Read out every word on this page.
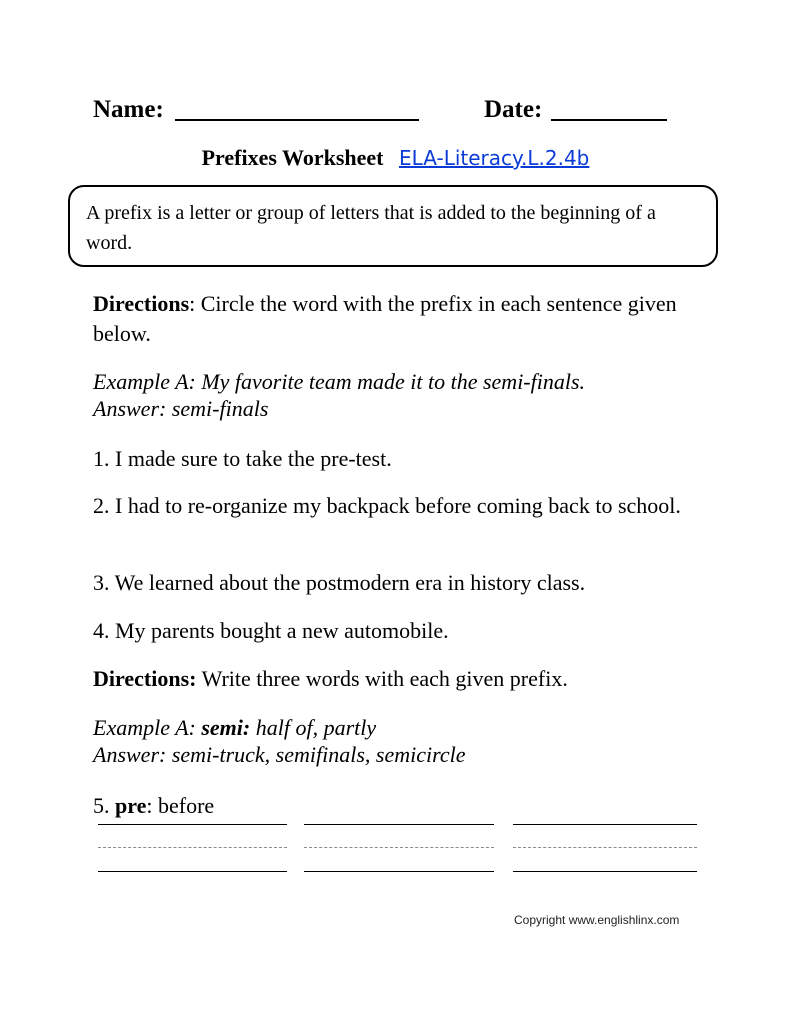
Name:	Date:
Prefixes Worksheet ELA-Literacy.L.2.4b
A prefix is a letter or group of letters that is added to the beginning of a word.
Directions: Circle the word with the prefix in each sentence given below.
Example A: My favorite team made it to the semi-finals.
Answer: semi-finals
1. I made sure to take the pre-test.
2. I had to re-organize my backpack before coming back to school.
3. We learned about the postmodern era in history class.
4. My parents bought a new automobile.
Directions: Write three words with each given prefix.
Example A: semi: half of, partly
Answer: semi-truck, semifinals, semicircle
5. pre: before
Copyright www.englishlinx.com
